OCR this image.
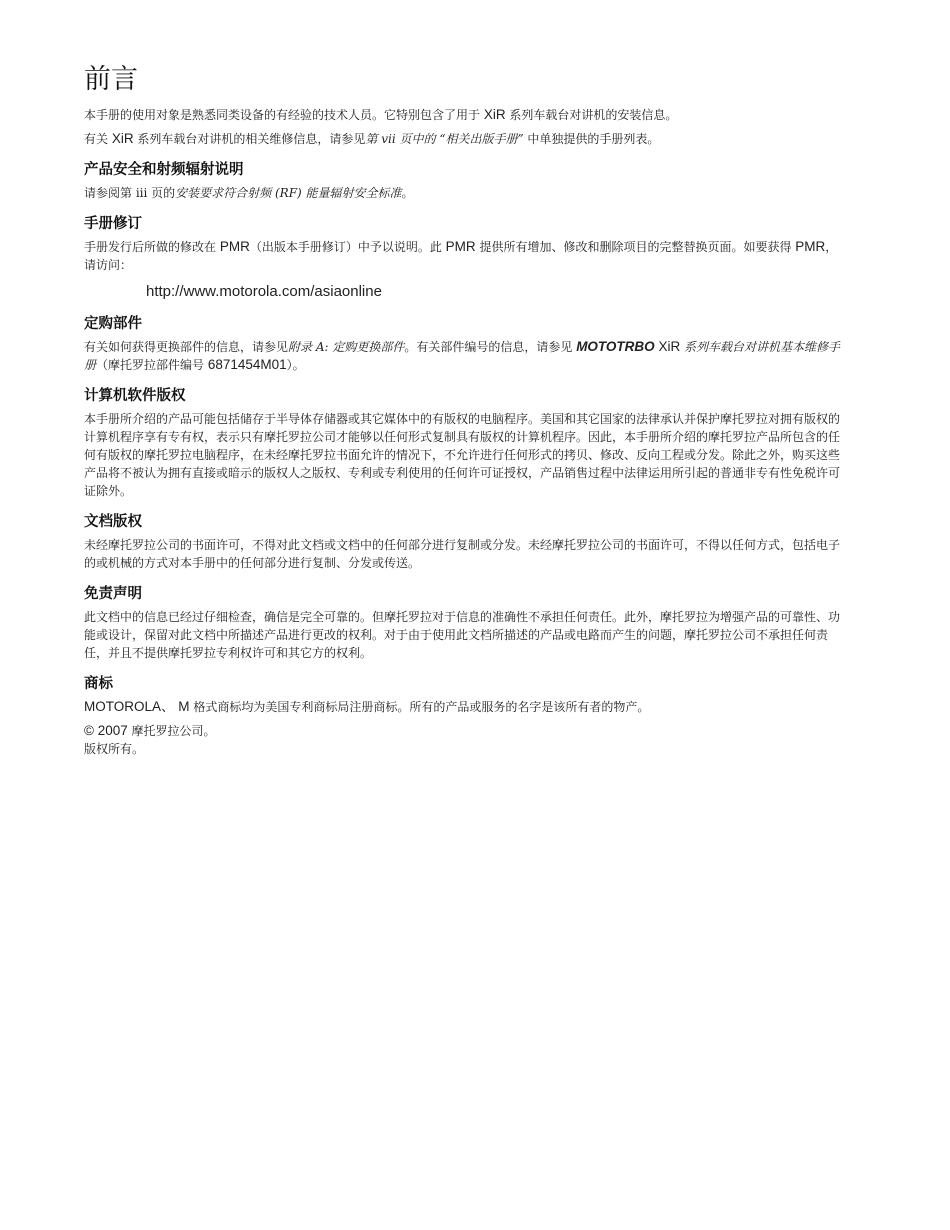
前言

本手册的使用对象是熟悉同类设备的有经验的技术人员。它特别包含了用于 XiR 系列车载台对讲机的安装信息。

有关 XiR 系列车载台对讲机的相关维修信息，请参见第 vii 页中的 “相关出版手册” 中单独提供的手册列表。

产品安全和射频辐射说明

请参阅第 iii 页的安装要求符合射频 (RF) 能量辐射安全标准。

手册修订

手册发行后所做的修改在 PMR（出版本手册修订）中予以说明。此 PMR 提供所有增加、修改和删除项目的完整替换页面。如要获得 PMR，请访问：

http://www.motorola.com/asiaonline
定购部件

有关如何获得更换部件的信息，请参见附录 A: 定购更换部件。有关部件编号的信息，请参见 MOTOTRBO XiR 系列车载台对讲机基本维修手册（摩托罗拉部件编号 6871454M01）。

计算机软件版权

本手册所介绍的产品可能包括储存于半导体存储器或其它媒体中的有版权的电脑程序。美国和其它国家的法律承认并保护摩托罗拉对拥有版权的计算机程序享有专有权，表示只有摩托罗拉公司才能够以任何形式复制具有版权的计算机程序。因此，本手册所介绍的摩托罗拉产品所包含的任何有版权的摩托罗拉电脑程序，在未经摩托罗拉书面允许的情况下，不允许进行任何形式的拷贝、修改、反向工程或分发。除此之外，购买这些产品将不被认为拥有直接或暗示的版权人之版权、专利或专利使用的任何许可证授权，产品销售过程中法律运用所引起的普通非专有性免税许可证除外。

文档版权

未经摩托罗拉公司的书面许可，不得对此文档或文档中的任何部分进行复制或分发。未经摩托罗拉公司的书面许可，不得以任何方式，包括电子的或机械的方式对本手册中的任何部分进行复制、分发或传送。

免责声明

此文档中的信息已经过仔细检查，确信是完全可靠的。但摩托罗拉对于信息的准确性不承担任何责任。此外，摩托罗拉为增强产品的可靠性、功能或设计，保留对此文档中所描述产品进行更改的权利。对于由于使用此文档所描述的产品或电路而产生的问题，摩托罗拉公司不承担任何责任，并且不提供摩托罗拉专利权许可和其它方的权利。

商标

MOTOROLA、 M 格式商标均为美国专利商标局注册商标。所有的产品或服务的名字是该所有者的物产。

© 2007 摩托罗拉公司。

版权所有。
